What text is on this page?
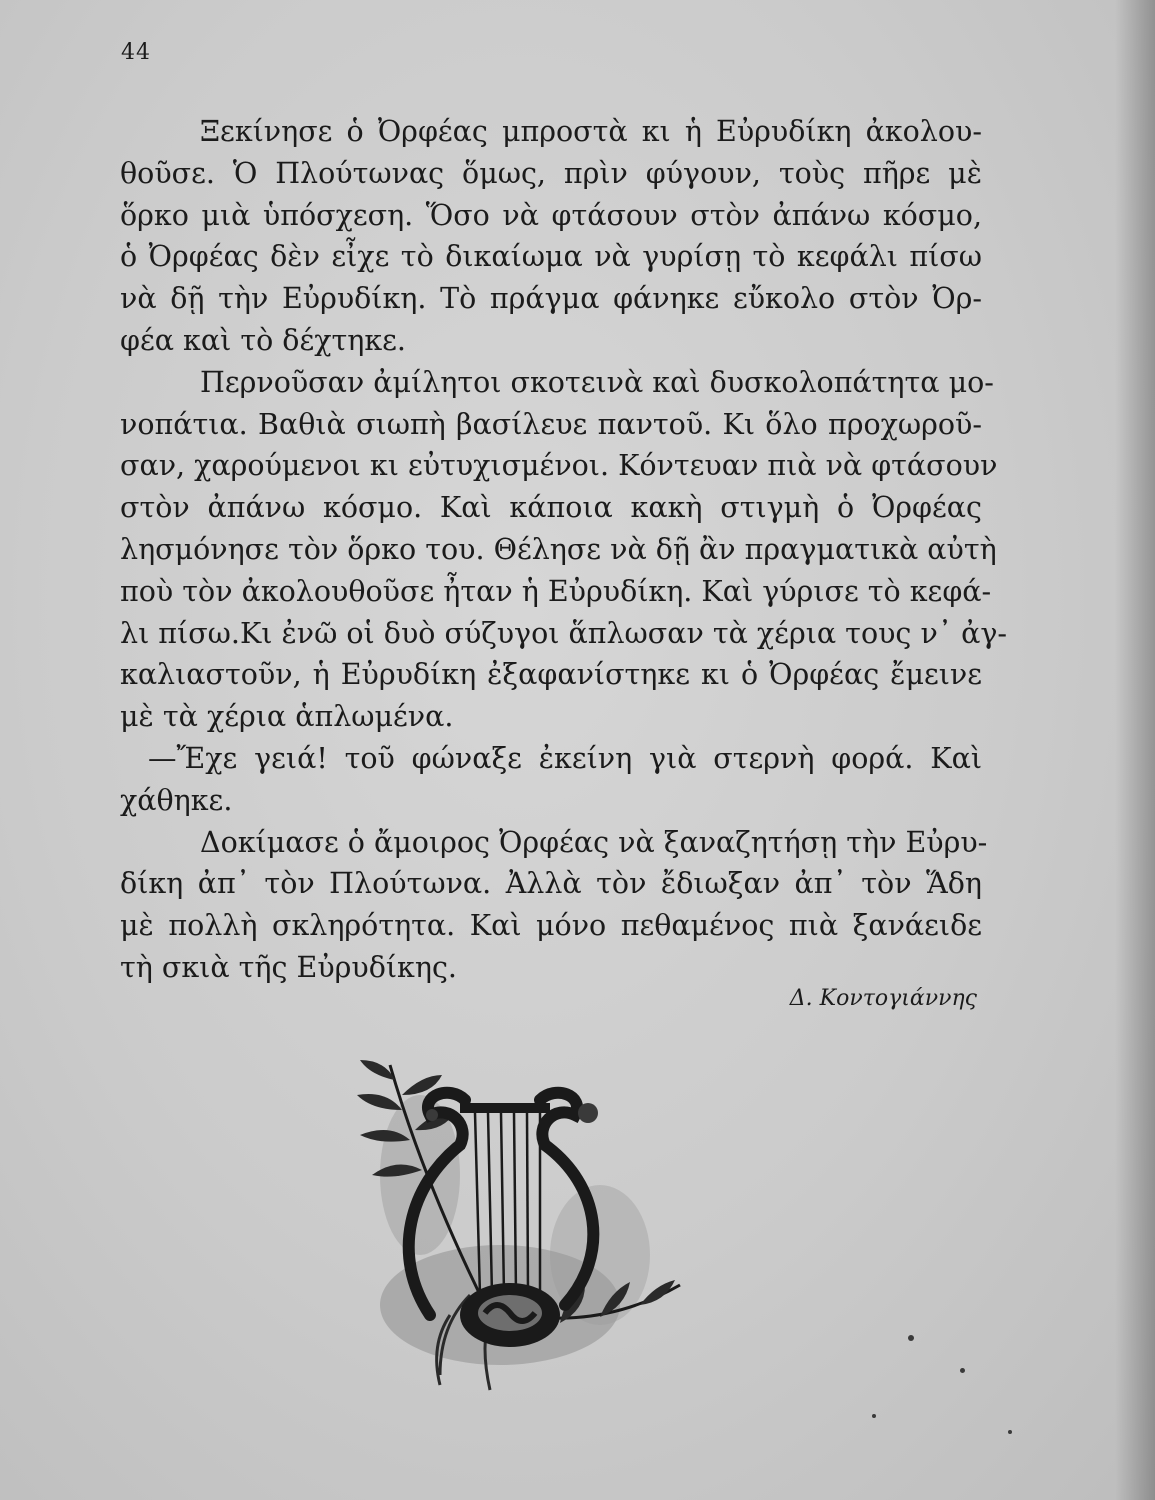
44
Ξεκίνησε ὁ Ὀρφέας μπροστὰ κι ἡ Εὐρυδίκη ἀκολου-
θοῦσε. Ὁ Πλούτωνας ὅμως, πρὶν φύγουν, τοὺς πῆρε μὲ
ὅρκο μιὰ ὑπόσχεση. Ὅσο νὰ φτάσουν στὸν ἀπάνω κόσμο,
ὁ Ὀρφέας δὲν εἶχε τὸ δικαίωμα νὰ γυρίσῃ τὸ κεφάλι πίσω
νὰ δῇ τὴν Εὐρυδίκη. Τὸ πράγμα φάνηκε εὔκολο στὸν Ὀρ-
φέα καὶ τὸ δέχτηκε.
Περνοῦσαν ἀμίλητοι σκοτεινὰ καὶ δυσκολοπάτητα μο-
νοπάτια. Βαθιὰ σιωπὴ βασίλευε παντοῦ. Κι ὅλο προχωροῦ-
σαν, χαρούμενοι κι εὐτυχισμένοι. Κόντευαν πιὰ νὰ φτάσουν
στὸν ἀπάνω κόσμο. Καὶ κάποια κακὴ στιγμὴ ὁ Ὀρφέας
λησμόνησε τὸν ὅρκο του. Θέλησε νὰ δῇ ἂν πραγματικὰ αὐτὴ
ποὺ τὸν ἀκολουθοῦσε ἦταν ἡ Εὐρυδίκη. Καὶ γύρισε τὸ κεφά-
λι πίσω.Κι ἐνῶ οἱ δυὸ σύζυγοι ἅπλωσαν τὰ χέρια τους ν᾿ ἀγ-
καλιαστοῦν, ἡ Εὐρυδίκη ἐξαφανίστηκε κι ὁ Ὀρφέας ἔμεινε
μὲ τὰ χέρια ἁπλωμένα.
—Ἔχε γειά! τοῦ φώναξε ἐκείνη γιὰ στερνὴ φορά. Καὶ
χάθηκε.
Δοκίμασε ὁ ἄμοιρος Ὀρφέας νὰ ξαναζητήσῃ τὴν Εὐρυ-
δίκη ἀπ᾿ τὸν Πλούτωνα. Ἀλλὰ τὸν ἔδιωξαν ἀπ᾿ τὸν Ἅδη
μὲ πολλὴ σκληρότητα. Καὶ μόνο πεθαμένος πιὰ ξανάειδε
τὴ σκιὰ τῆς Εὐρυδίκης.
Δ. Κοντογιάννης
